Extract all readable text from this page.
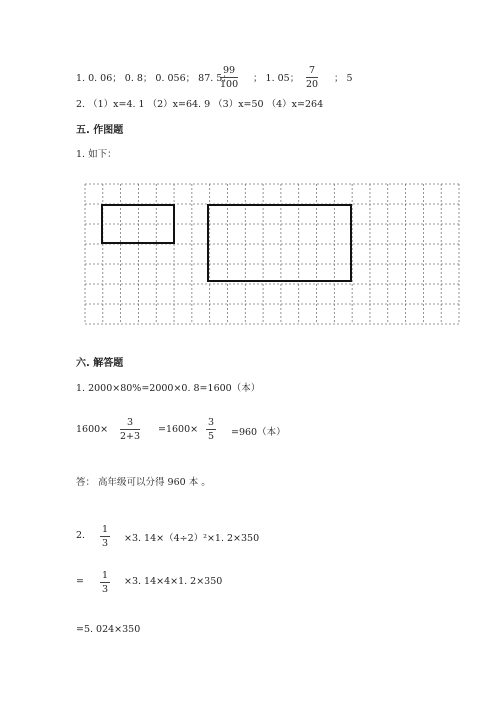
1. 0. 06； 0. 8； 0. 056； 87. 5；
$\frac{99}{100}$ ； 1. 05； $\frac{7}{20}$ ； 5
2. （1）x=4. 1 （2）x=64. 9 （3）x=50 （4）x=264
五. 作图题
1. 如下：
六. 解答题
1. 2000×80%=2000×0. 8=1600（本）
$1600\times \frac{3}{2+3} =1600\times \frac{3}{5} =960$（本）
答： 高年级可以分得 960 本 。
2. $\frac{1}{3} \times 3$. 14×（4÷2）²×1. 2×350
= $\frac{1}{3} \times 3$. 14×4×1. 2×350
=5. 024×350
